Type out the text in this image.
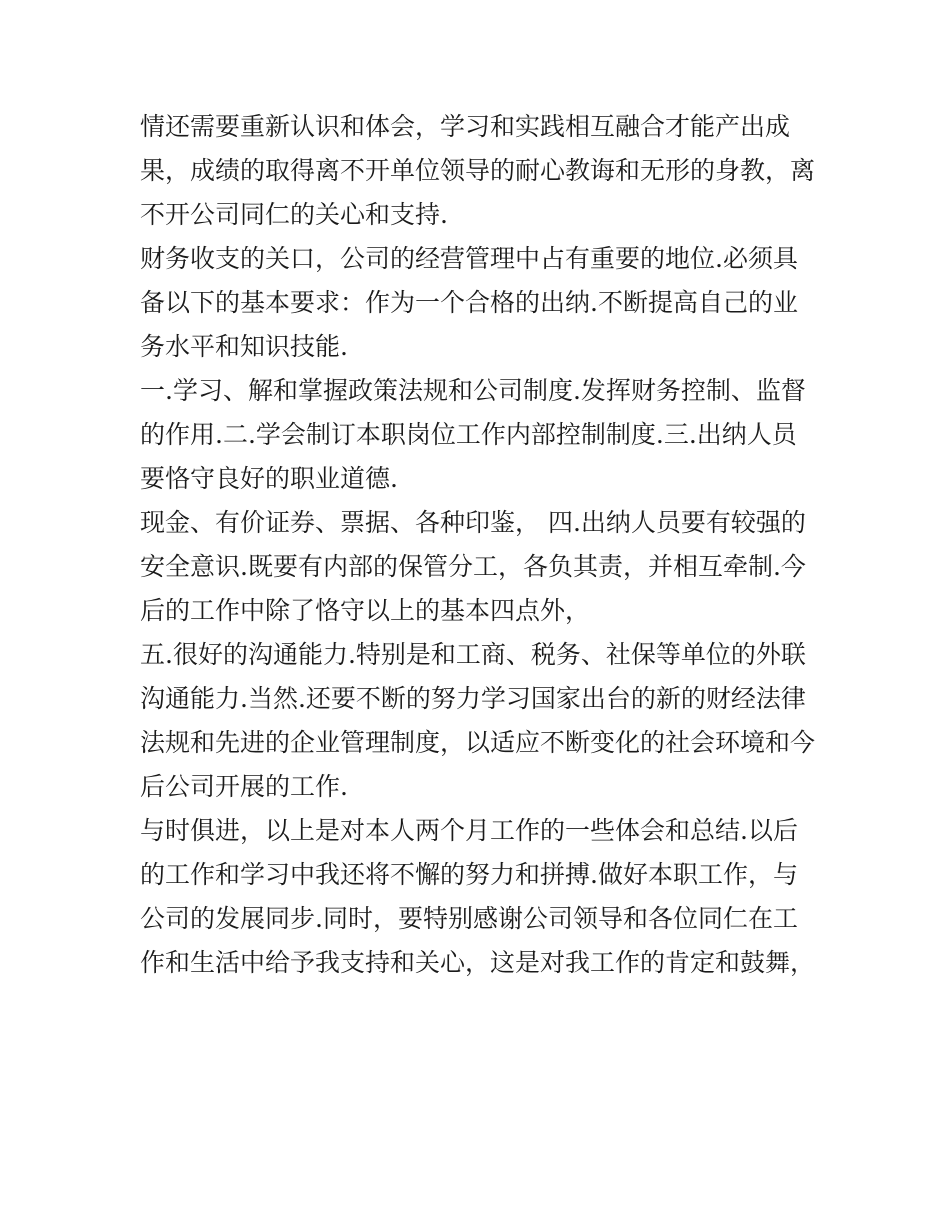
情还需要重新认识和体会，学习和实践相互融合才能产出成
果，成绩的取得离不开单位领导的耐心教诲和无形的身教，离
不开公司同仁的关心和支持.
财务收支的关口，公司的经营管理中占有重要的地位.必须具
备以下的基本要求：作为一个合格的出纳.不断提高自己的业
务水平和知识技能.
一.学习、解和掌握政策法规和公司制度.发挥财务控制、监督
的作用.二.学会制订本职岗位工作内部控制制度.三.出纳人员
要恪守良好的职业道德.
现金、有价证券、票据、各种印鉴， 四.出纳人员要有较强的
安全意识.既要有内部的保管分工，各负其责，并相互牵制.今
后的工作中除了恪守以上的基本四点外，
五.很好的沟通能力.特别是和工商、税务、社保等单位的外联
沟通能力.当然.还要不断的努力学习国家出台的新的财经法律
法规和先进的企业管理制度，以适应不断变化的社会环境和今
后公司开展的工作.
与时俱进，以上是对本人两个月工作的一些体会和总结.以后
的工作和学习中我还将不懈的努力和拼搏.做好本职工作，与
公司的发展同步.同时，要特别感谢公司领导和各位同仁在工
作和生活中给予我支持和关心，这是对我工作的肯定和鼓舞，
